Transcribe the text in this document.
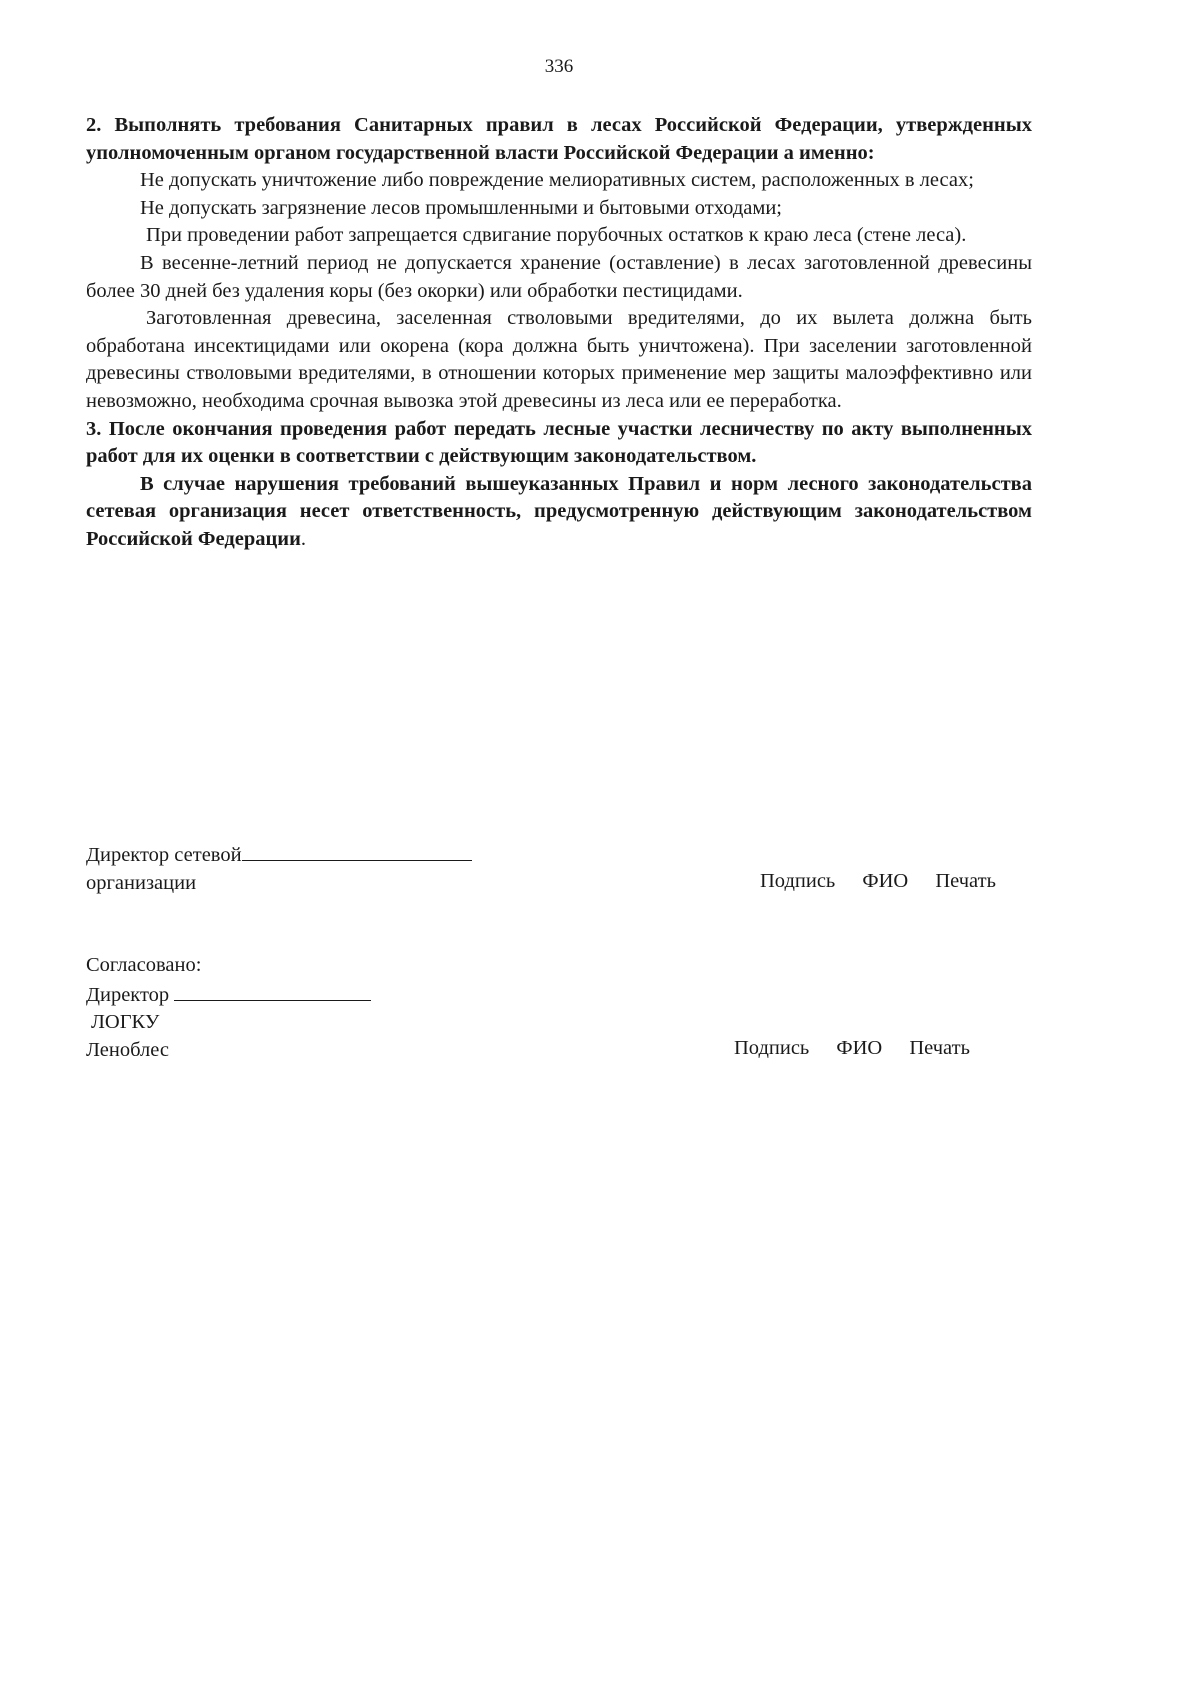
336

2. Выполнять требования Санитарных правил в лесах Российской Федерации, утвержденных уполномоченным органом государственной власти Российской Федерации а именно:

Не допускать уничтожение либо повреждение мелиоративных систем, расположенных в лесах;

Не допускать загрязнение лесов промышленными и бытовыми отходами;

При проведении работ запрещается сдвигание порубочных остатков к краю леса (стене леса).

В весенне-летний период не допускается хранение (оставление) в лесах заготовленной древесины более 30 дней без удаления коры (без окорки) или обработки пестицидами.

Заготовленная древесина, заселенная стволовыми вредителями, до их вылета должна быть обработана инсектицидами или окорена (кора должна быть уничтожена). При заселении заготовленной древесины стволовыми вредителями, в отношении которых применение мер защиты малоэффективно или невозможно, необходима срочная вывозка этой древесины из леса или ее переработка.

3. После окончания проведения работ передать лесные участки лесничеству по акту выполненных работ для их оценки в соответствии с действующим законодательством.

В случае нарушения требований вышеуказанных Правил и норм лесного законодательства сетевая организация несет ответственность, предусмотренную действующим законодательством Российской Федерации.

Директор сетевой
организации	Подпись ФИО Печать
Согласовано:
Директор
ЛОГКУ
Леноблес	Подпись ФИО Печать
